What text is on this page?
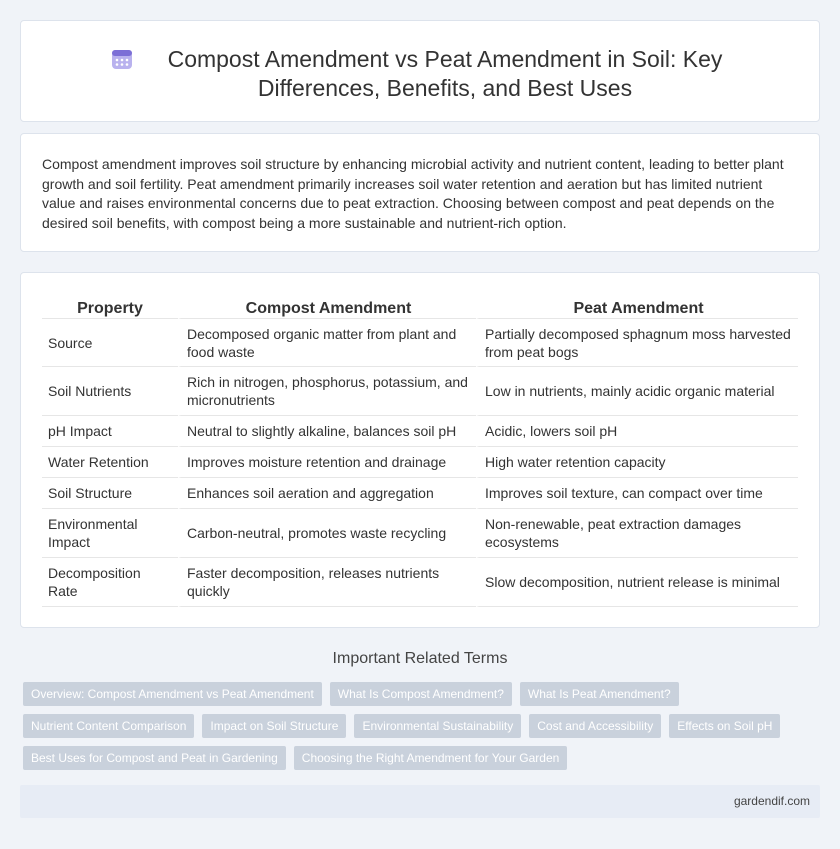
Compost Amendment vs Peat Amendment in Soil: Key Differences, Benefits, and Best Uses

Compost amendment improves soil structure by enhancing microbial activity and nutrient content, leading to better plant growth and soil fertility. Peat amendment primarily increases soil water retention and aeration but has limited nutrient value and raises environmental concerns due to peat extraction. Choosing between compost and peat depends on the desired soil benefits, with compost being a more sustainable and nutrient-rich option.

Property	Compost Amendment	Peat Amendment
Source	Decomposed organic matter from plant and food waste	Partially decomposed sphagnum moss harvested from peat bogs
Soil Nutrients	Rich in nitrogen, phosphorus, potassium, and micronutrients	Low in nutrients, mainly acidic organic material
pH Impact	Neutral to slightly alkaline, balances soil pH	Acidic, lowers soil pH
Water Retention	Improves moisture retention and drainage	High water retention capacity
Soil Structure	Enhances soil aeration and aggregation	Improves soil texture, can compact over time
Environmental Impact	Carbon-neutral, promotes waste recycling	Non-renewable, peat extraction damages ecosystems
Decomposition Rate	Faster decomposition, releases nutrients quickly	Slow decomposition, nutrient release is minimal
Important Related Terms
Overview: Compost Amendment vs Peat Amendment	What Is Compost Amendment?	What Is Peat Amendment?
Nutrient Content Comparison	Impact on Soil Structure	Environmental Sustainability	Cost and Accessibility	Effects on Soil pH
Best Uses for Compost and Peat in Gardening	Choosing the Right Amendment for Your Garden
gardendif.com
